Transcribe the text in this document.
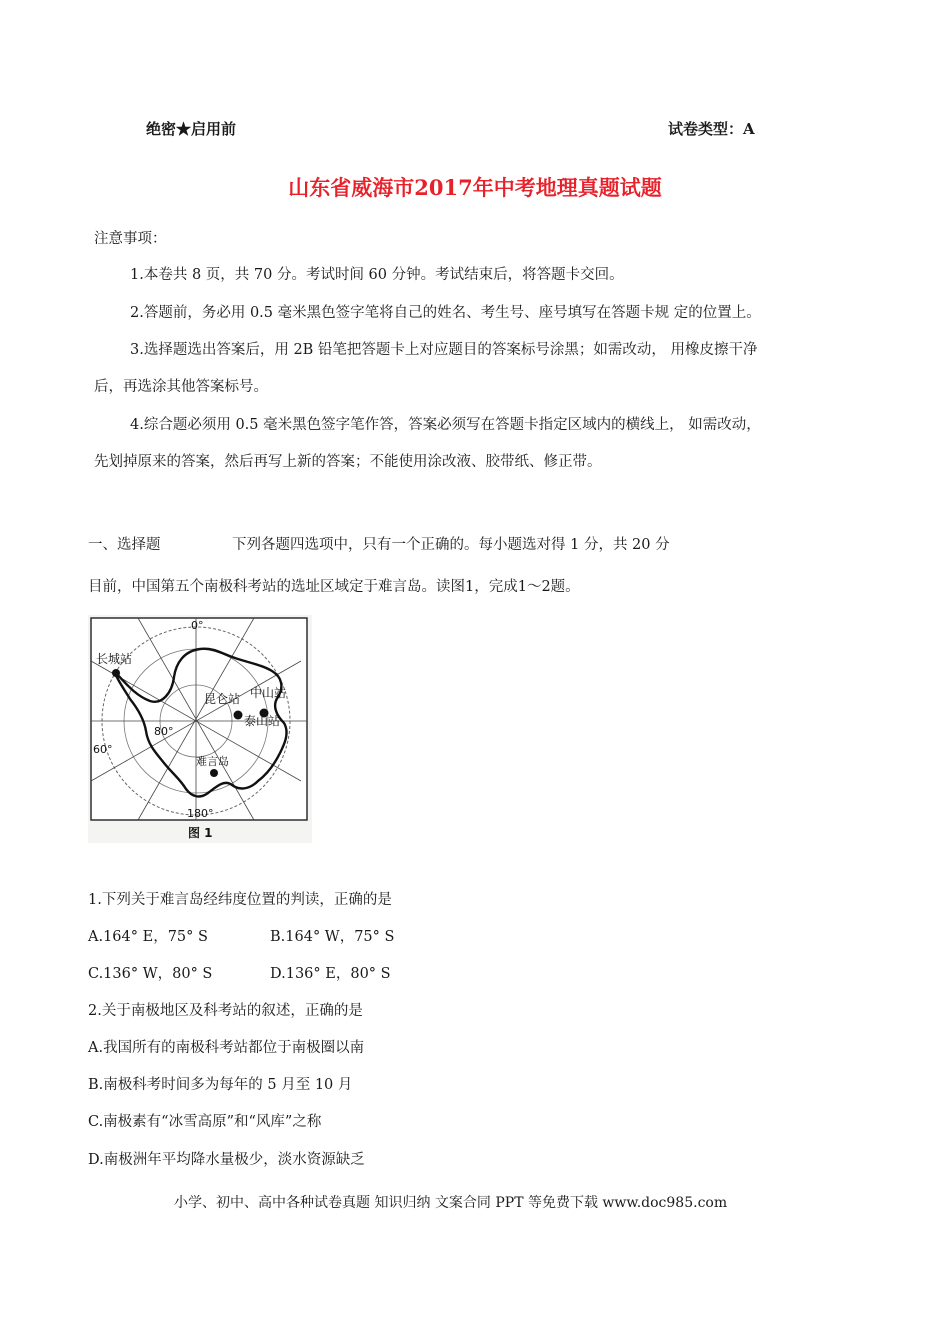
绝密★启用前	试卷类型：A
山东省威海市2017年中考地理真题试题
注意事项：
1.本卷共 8 页，共 70 分。考试时间 60 分钟。考试结束后，将答题卡交回。
2.答题前，务必用 0.5 毫米黑色签字笔将自己的姓名、考生号、座号填写在答题卡规 定的位置上。
3.选择题选出答案后，用 2B 铅笔把答题卡上对应题目的答案标号涂黑；如需改动， 用橡皮擦干净
后，再选涂其他答案标号。
4.综合题必须用 0.5 毫米黑色签字笔作答，答案必须写在答题卡指定区域内的横线上， 如需改动，
先划掉原来的答案，然后再写上新的答案；不能使用涂改液、胶带纸、修正带。
一、选择题	下列各题四选项中，只有一个正确的。每小题选对得 1 分，共 20 分
目前，中国第五个南极科考站的选址区域定于难言岛。读图1，完成1～2题。
0°
180°
60°
80°
长城站
昆仑站 中山站
泰山站
难言岛
图 1
1.下列关于难言岛经纬度位置的判读，正确的是
A.164° E，75° S	B.164° W，75° S
C.136° W，80° S	D.136° E，80° S
2.关于南极地区及科考站的叙述，正确的是
A.我国所有的南极科考站都位于南极圈以南
B.南极科考时间多为每年的 5 月至 10 月
C.南极素有“冰雪高原”和“风库”之称
D.南极洲年平均降水量极少，淡水资源缺乏
小学、初中、高中各种试卷真题 知识归纳 文案合同 PPT 等免费下载 www.doc985.com
